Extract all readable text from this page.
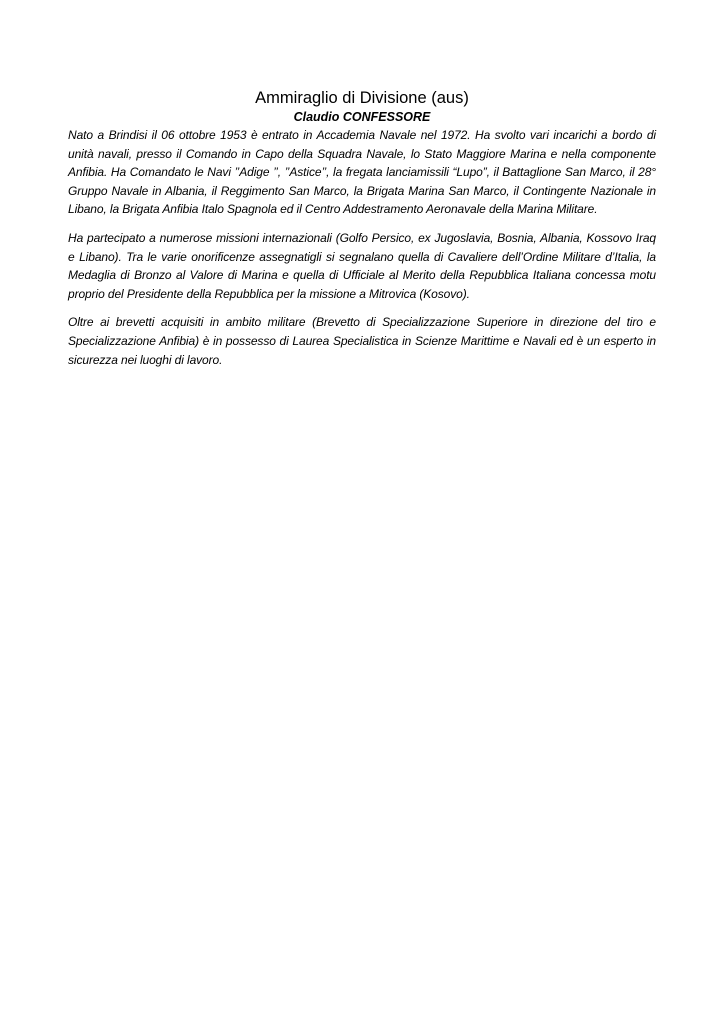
Ammiraglio di Divisione (aus)

Claudio CONFESSORE

Nato a Brindisi il 06 ottobre 1953 è entrato in Accademia Navale nel 1972. Ha svolto vari incarichi a bordo di unità navali, presso il Comando in Capo della Squadra Navale, lo Stato Maggiore Marina e nella componente Anfibia. Ha Comandato le Navi ’’Adige ’’, ’’Astice’’, la fregata lanciamissili “Lupo”, il Battaglione San Marco, il 28° Gruppo Navale in Albania, il Reggimento San Marco, la Brigata Marina San Marco, il Contingente Nazionale in Libano, la Brigata Anfibia Italo Spagnola ed il Centro Addestramento Aeronavale della Marina Militare.

Ha partecipato a numerose missioni internazionali (Golfo Persico, ex Jugoslavia, Bosnia, Albania, Kossovo Iraq e Libano). Tra le varie onorificenze assegnatigli si segnalano quella di Cavaliere dell’Ordine Militare d’Italia, la Medaglia di Bronzo al Valore di Marina e quella di Ufficiale al Merito della Repubblica Italiana concessa motu proprio del Presidente della Repubblica per la missione a Mitrovica (Kosovo).

Oltre ai brevetti acquisiti in ambito militare (Brevetto di Specializzazione Superiore in direzione del tiro e Specializzazione Anfibia) è in possesso di Laurea Specialistica in Scienze Marittime e Navali ed è un esperto in sicurezza nei luoghi di lavoro.
